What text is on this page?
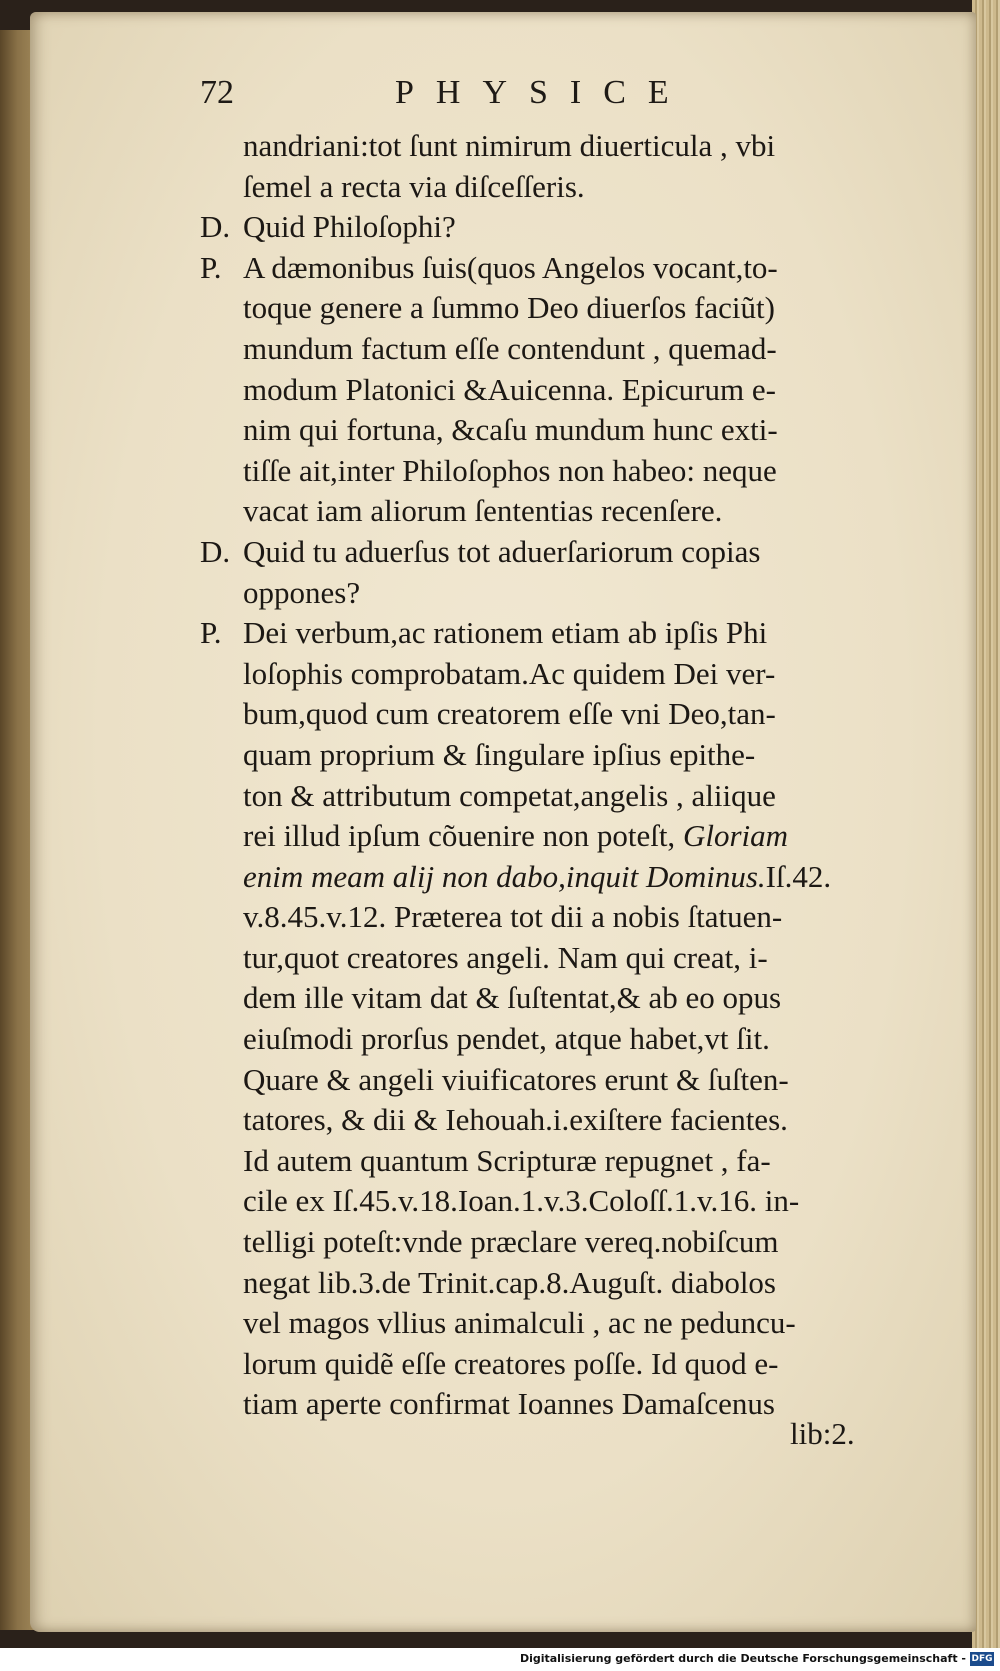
72	PHYSICE
nandriani:tot ſunt nimirum diuerticula , vbi
ſemel a recta via diſceſſeris.
D. Quid Philoſophi?
P. A dæmonibus ſuis(quos Angelos vocant,to-
toque genere a ſummo Deo diuerſos faciũt)
mundum factum eſſe contendunt , quemad-
modum Platonici &Auicenna. Epicurum e-
nim qui fortuna, &caſu mundum hunc exti-
tiſſe ait,inter Philoſophos non habeo: neque
vacat iam aliorum ſententias recenſere.
D. Quid tu aduerſus tot aduerſariorum copias
oppones?
P. Dei verbum,ac rationem etiam ab ipſis Phi
loſophis comprobatam.Ac quidem Dei ver-
bum,quod cum creatorem eſſe vni Deo,tan-
quam proprium & ſingulare ipſius epithe-
ton & attributum competat,angelis , aliique
rei illud ipſum cõuenire non poteſt, Gloriam
enim meam alij non dabo,inquit Dominus.Iſ.42.
v.8.45.v.12. Præterea tot dii a nobis ſtatuen-
tur,quot creatores angeli. Nam qui creat, i-
dem ille vitam dat & ſuſtentat,& ab eo opus
eiuſmodi prorſus pendet, atque habet,vt ſit.
Quare & angeli viuificatores erunt & ſuſten-
tatores, & dii & Iehouah.i.exiſtere facientes.
Id autem quantum Scripturæ repugnet , fa-
cile ex Iſ.45.v.18.Ioan.1.v.3.Coloſſ.1.v.16. in-
telligi poteſt:vnde præclare vereq.nobiſcum
negat lib.3.de Trinit.cap.8.Auguſt. diabolos
vel magos vllius animalculi , ac ne peduncu-
lorum quidẽ eſſe creatores poſſe. Id quod e-
tiam aperte confirmat Ioannes Damaſcenus
lib:2.
Digitalisierung gefördert durch die Deutsche Forschungsgemeinschaft - DFG
